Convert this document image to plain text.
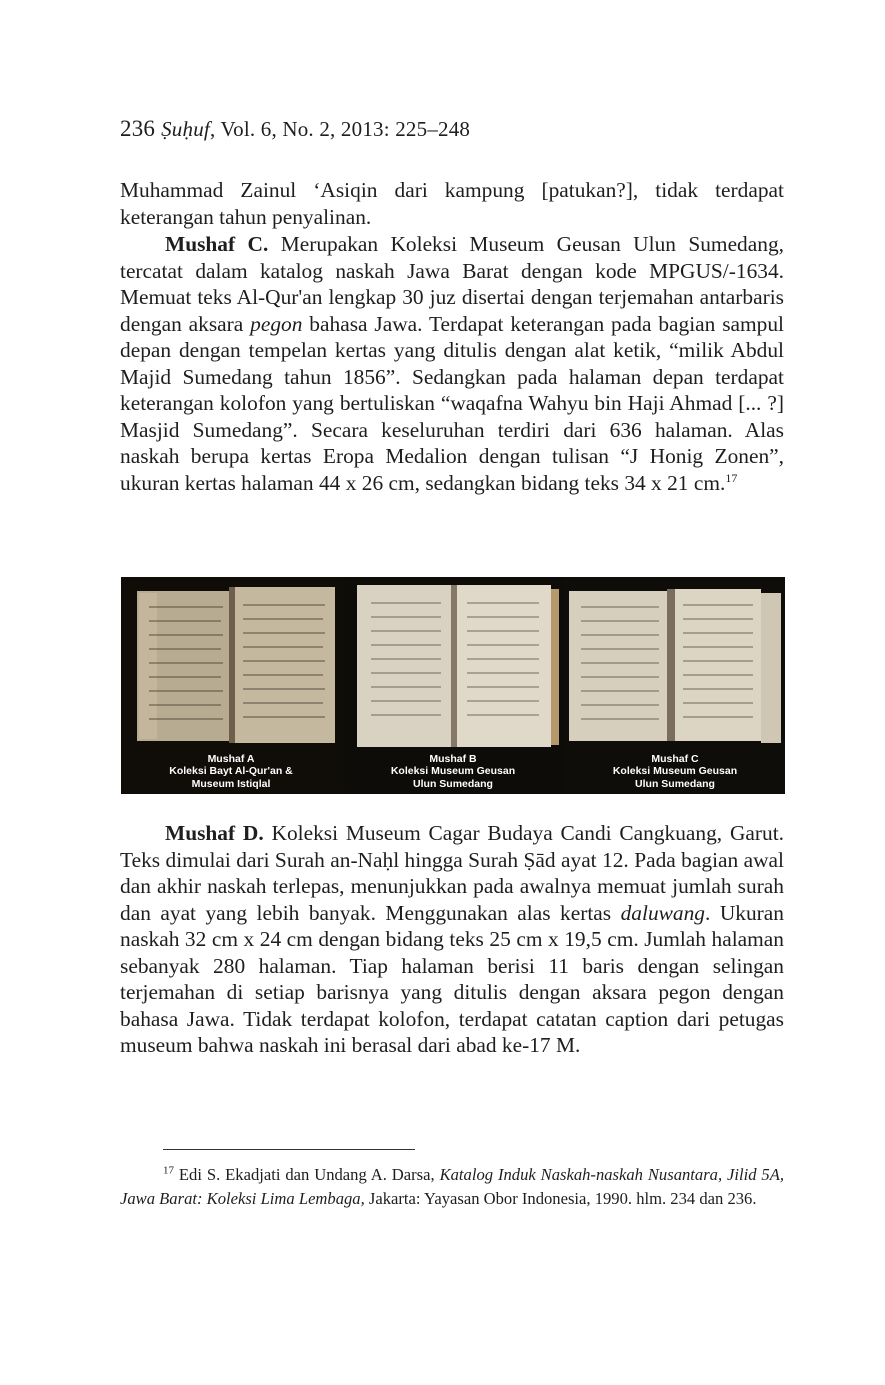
236 Ṣuḥuf, Vol. 6, No. 2, 2013: 225–248

Muhammad Zainul ‘Asiqin dari kampung [patukan?], tidak terdapat keterangan tahun penyalinan.

Mushaf C. Merupakan Koleksi Museum Geusan Ulun Sumedang, tercatat dalam katalog naskah Jawa Barat dengan kode MPGUS/-1634. Memuat teks Al-Qur'an lengkap 30 juz disertai dengan terjemahan antarbaris dengan aksara pegon bahasa Jawa. Terdapat keterangan pada bagian sampul depan dengan tempelan kertas yang ditulis dengan alat ketik, “milik Abdul Majid Sumedang tahun 1856”. Sedangkan pada halaman depan terdapat keterangan kolofon yang bertuliskan “waqafna Wahyu bin Haji Ahmad [... ?] Masjid Sumedang”. Secara keseluruhan terdiri dari 636 halaman. Alas naskah berupa kertas Eropa Medalion dengan tulisan “J Honig Zonen”, ukuran kertas halaman 44 x 26 cm, sedangkan bidang teks 34 x 21 cm.$^{17}$

Mushaf A
Koleksi Bayt Al-Qur'an &
Museum Istiqlal
Mushaf B
Koleksi Museum Geusan
Ulun Sumedang
Mushaf C
Koleksi Museum Geusan
Ulun Sumedang

Mushaf D. Koleksi Museum Cagar Budaya Candi Cangkuang, Garut. Teks dimulai dari Surah an-Naḥl hingga Surah Ṣād ayat 12. Pada bagian awal dan akhir naskah terlepas, menunjukkan pada awalnya memuat jumlah surah dan ayat yang lebih banyak. Menggunakan alas kertas daluwang. Ukuran naskah 32 cm x 24 cm dengan bidang teks 25 cm x 19,5 cm. Jumlah halaman sebanyak 280 halaman. Tiap halaman berisi 11 baris dengan selingan terjemahan di setiap barisnya yang ditulis dengan aksara pegon dengan bahasa Jawa. Tidak terdapat kolofon, terdapat catatan caption dari petugas museum bahwa naskah ini berasal dari abad ke-17 M.

$^{17}$ Edi S. Ekadjati dan Undang A. Darsa, Katalog Induk Naskah-naskah Nusantara, Jilid 5A, Jawa Barat: Koleksi Lima Lembaga, Jakarta: Yayasan Obor Indonesia, 1990. hlm. 234 dan 236.
